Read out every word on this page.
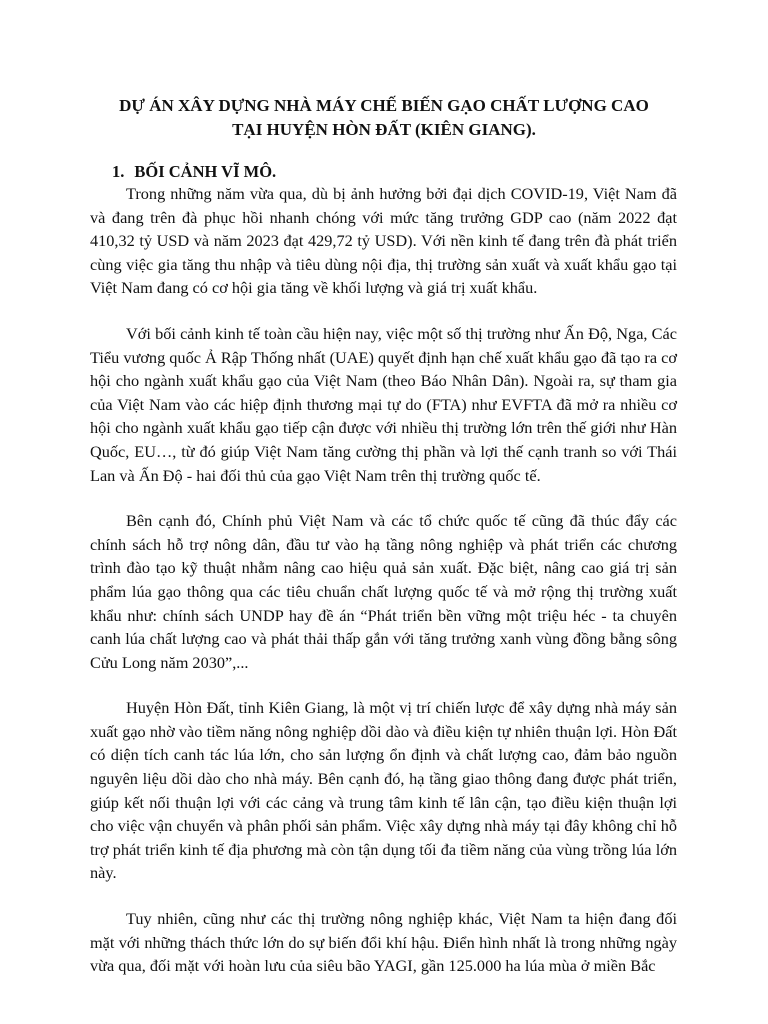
DỰ ÁN XÂY DỰNG NHÀ MÁY CHẾ BIẾN GẠO CHẤT LƯỢNG CAO
TẠI HUYỆN HÒN ĐẤT (KIÊN GIANG).
1. BỐI CẢNH VĨ MÔ.

Trong những năm vừa qua, dù bị ảnh hưởng bởi đại dịch COVID-19, Việt Nam đã và đang trên đà phục hồi nhanh chóng với mức tăng trưởng GDP cao (năm 2022 đạt 410,32 tỷ USD và năm 2023 đạt 429,72 tỷ USD). Với nền kinh tế đang trên đà phát triển cùng việc gia tăng thu nhập và tiêu dùng nội địa, thị trường sản xuất và xuất khẩu gạo tại Việt Nam đang có cơ hội gia tăng về khối lượng và giá trị xuất khẩu.

Với bối cảnh kinh tế toàn cầu hiện nay, việc một số thị trường như Ấn Độ, Nga, Các Tiểu vương quốc Ả Rập Thống nhất (UAE) quyết định hạn chế xuất khẩu gạo đã tạo ra cơ hội cho ngành xuất khẩu gạo của Việt Nam (theo Báo Nhân Dân). Ngoài ra, sự tham gia của Việt Nam vào các hiệp định thương mại tự do (FTA) như EVFTA đã mở ra nhiều cơ hội cho ngành xuất khẩu gạo tiếp cận được với nhiều thị trường lớn trên thế giới như Hàn Quốc, EU…, từ đó giúp Việt Nam tăng cường thị phần và lợi thế cạnh tranh so với Thái Lan và Ấn Độ - hai đối thủ của gạo Việt Nam trên thị trường quốc tế.

Bên cạnh đó, Chính phủ Việt Nam và các tổ chức quốc tế cũng đã thúc đẩy các chính sách hỗ trợ nông dân, đầu tư vào hạ tầng nông nghiệp và phát triển các chương trình đào tạo kỹ thuật nhằm nâng cao hiệu quả sản xuất. Đặc biệt, nâng cao giá trị sản phẩm lúa gạo thông qua các tiêu chuẩn chất lượng quốc tế và mở rộng thị trường xuất khẩu như: chính sách UNDP hay đề án “Phát triển bền vững một triệu héc - ta chuyên canh lúa chất lượng cao và phát thải thấp gắn với tăng trưởng xanh vùng đồng bằng sông Cửu Long năm 2030”,...

Huyện Hòn Đất, tỉnh Kiên Giang, là một vị trí chiến lược để xây dựng nhà máy sản xuất gạo nhờ vào tiềm năng nông nghiệp dồi dào và điều kiện tự nhiên thuận lợi. Hòn Đất có diện tích canh tác lúa lớn, cho sản lượng ổn định và chất lượng cao, đảm bảo nguồn nguyên liệu dồi dào cho nhà máy. Bên cạnh đó, hạ tầng giao thông đang được phát triển, giúp kết nối thuận lợi với các cảng và trung tâm kinh tế lân cận, tạo điều kiện thuận lợi cho việc vận chuyển và phân phối sản phẩm. Việc xây dựng nhà máy tại đây không chỉ hỗ trợ phát triển kinh tế địa phương mà còn tận dụng tối đa tiềm năng của vùng trồng lúa lớn này.

Tuy nhiên, cũng như các thị trường nông nghiệp khác, Việt Nam ta hiện đang đối mặt với những thách thức lớn do sự biến đổi khí hậu. Điển hình nhất là trong những ngày vừa qua, đối mặt với hoàn lưu của siêu bão YAGI, gần 125.000 ha lúa mùa ở miền Bắc
